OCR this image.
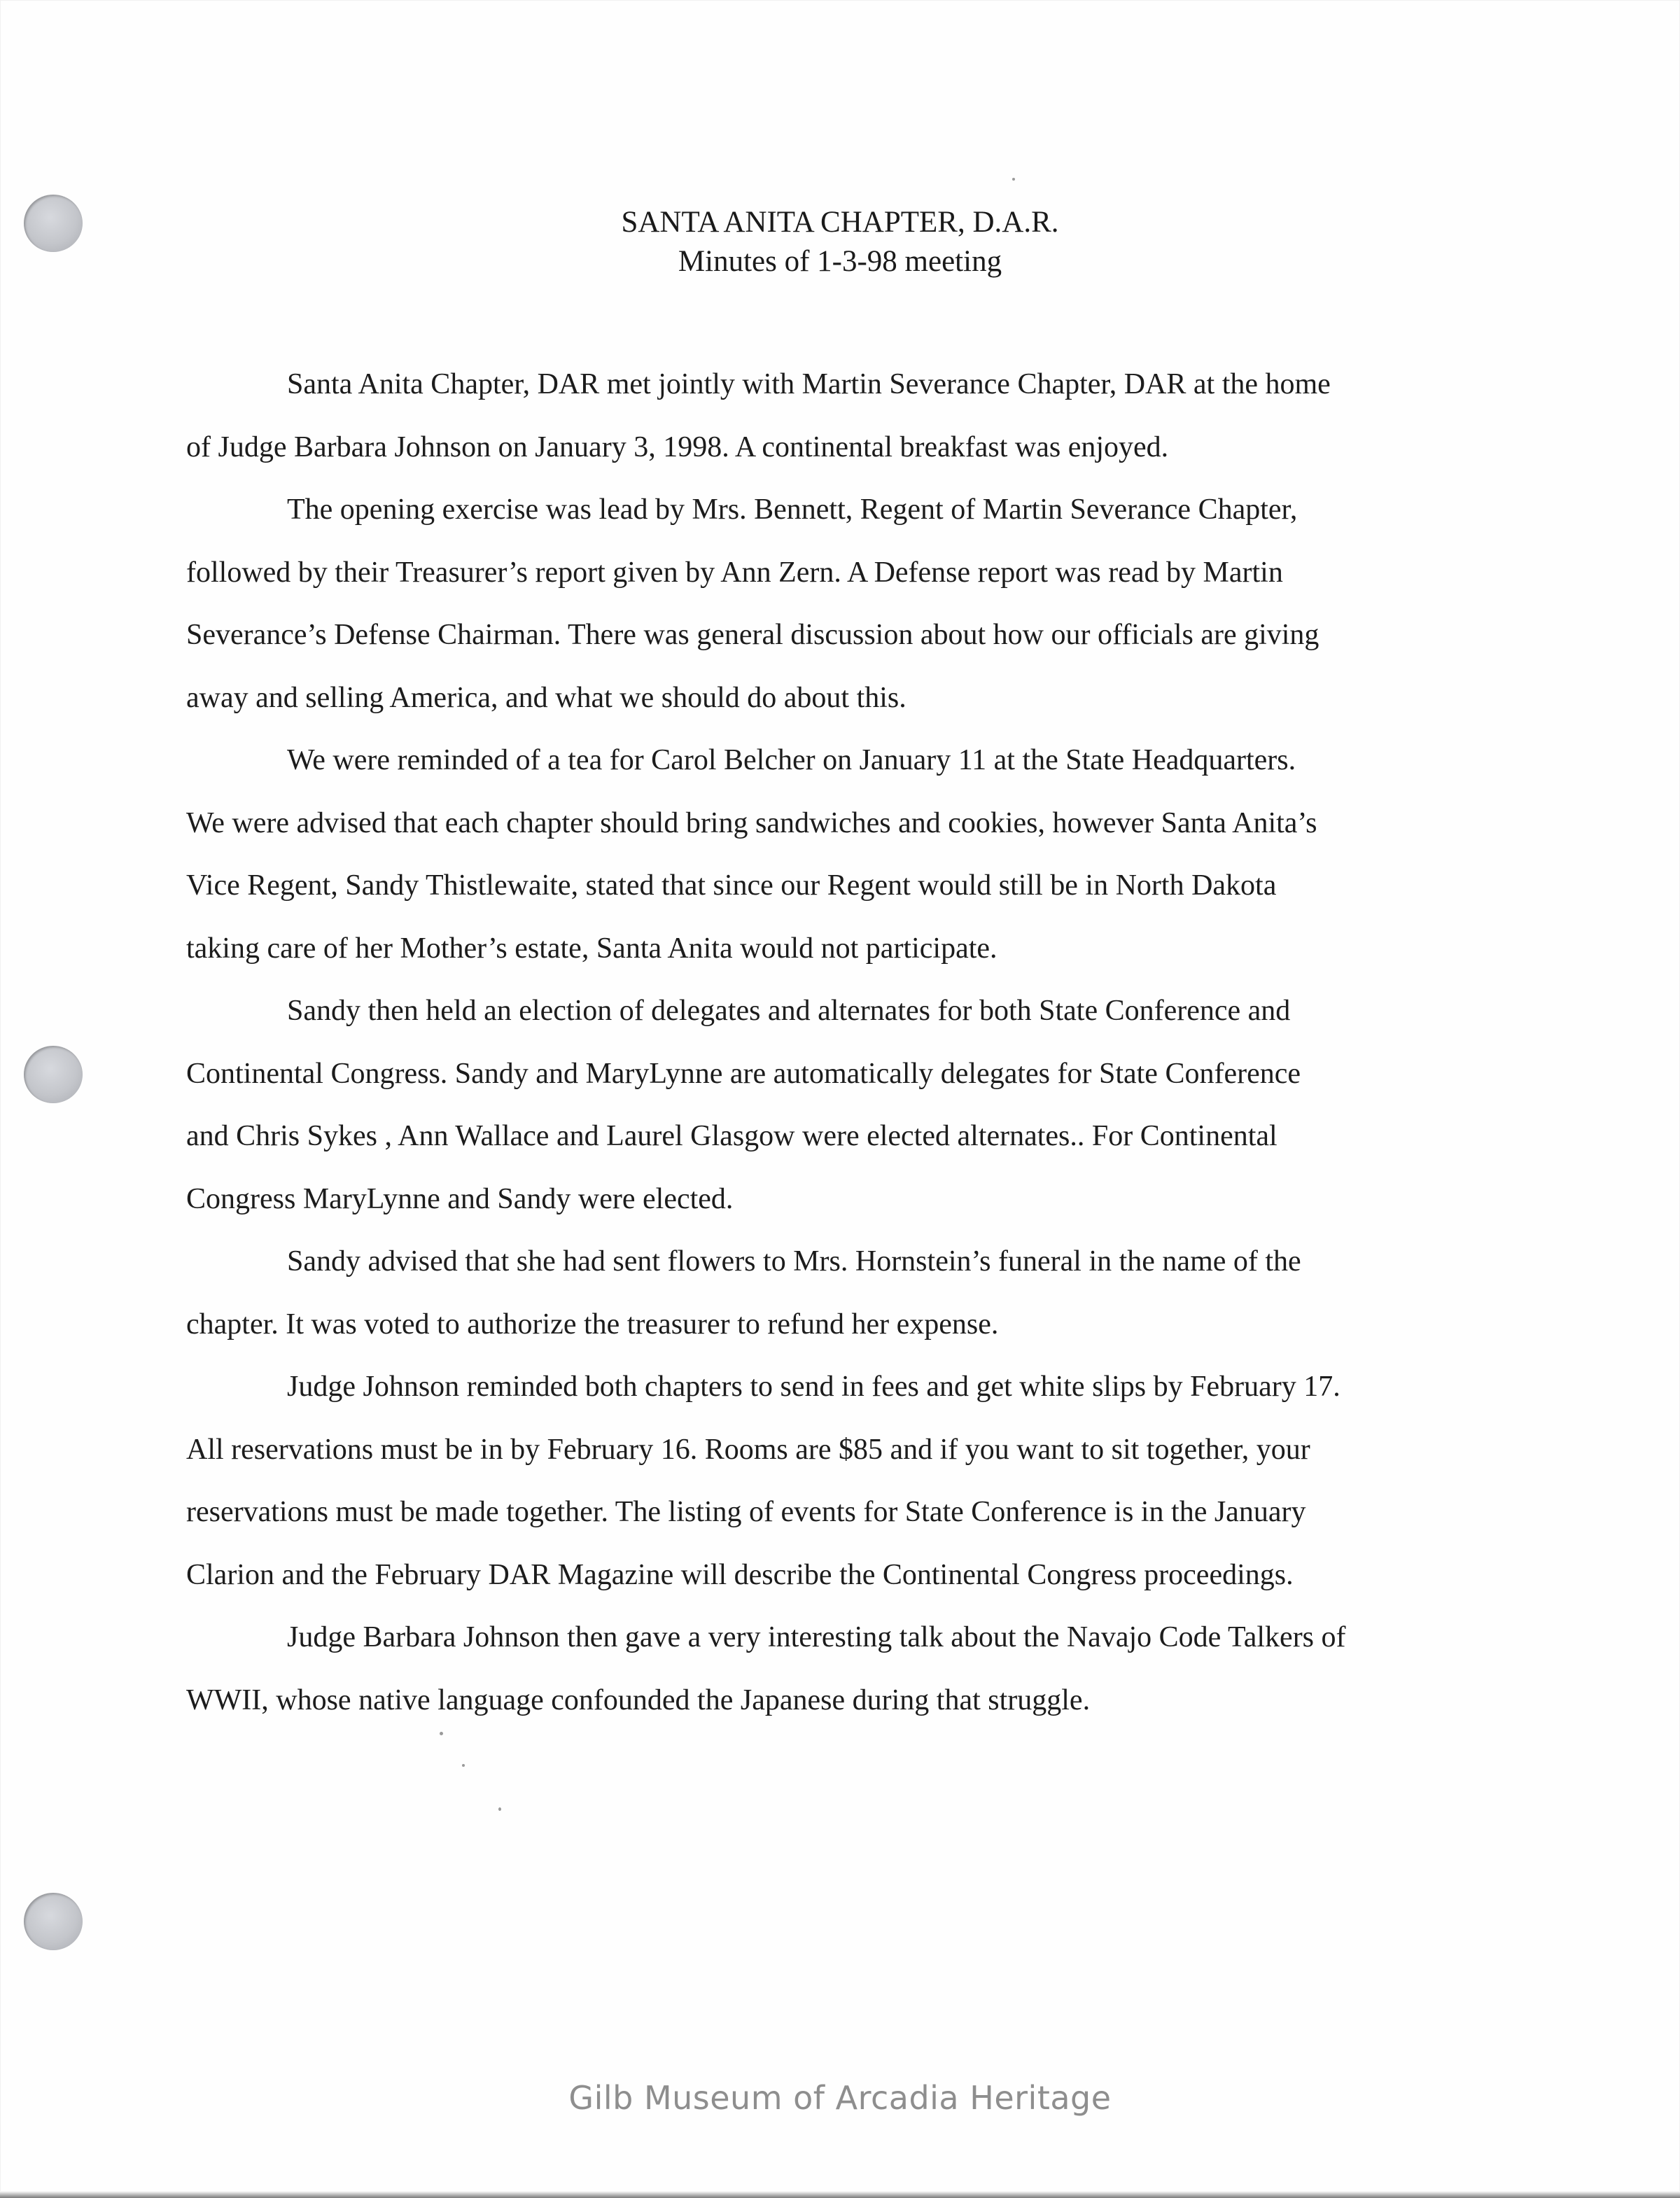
SANTA ANITA CHAPTER, D.A.R.
Minutes of 1-3-98 meeting

Santa Anita Chapter, DAR met jointly with Martin Severance Chapter, DAR at the home
of Judge Barbara Johnson on January 3, 1998. A continental breakfast was enjoyed.

The opening exercise was lead by Mrs. Bennett, Regent of Martin Severance Chapter,
followed by their Treasurer’s report given by Ann Zern. A Defense report was read by Martin
Severance’s Defense Chairman. There was general discussion about how our officials are giving
away and selling America, and what we should do about this.

We were reminded of a tea for Carol Belcher on January 11 at the State Headquarters.
We were advised that each chapter should bring sandwiches and cookies, however Santa Anita’s
Vice Regent, Sandy Thistlewaite, stated that since our Regent would still be in North Dakota
taking care of her Mother’s estate, Santa Anita would not participate.

Sandy then held an election of delegates and alternates for both State Conference and
Continental Congress. Sandy and MaryLynne are automatically delegates for State Conference
and Chris Sykes , Ann Wallace and Laurel Glasgow were elected alternates.. For Continental
Congress MaryLynne and Sandy were elected.

Sandy advised that she had sent flowers to Mrs. Hornstein’s funeral in the name of the
chapter. It was voted to authorize the treasurer to refund her expense.

Judge Johnson reminded both chapters to send in fees and get white slips by February 17.
All reservations must be in by February 16. Rooms are $85 and if you want to sit together, your
reservations must be made together. The listing of events for State Conference is in the January
Clarion and the February DAR Magazine will describe the Continental Congress proceedings.

Judge Barbara Johnson then gave a very interesting talk about the Navajo Code Talkers of
WWII, whose native language confounded the Japanese during that struggle.

Gilb Museum of Arcadia Heritage
